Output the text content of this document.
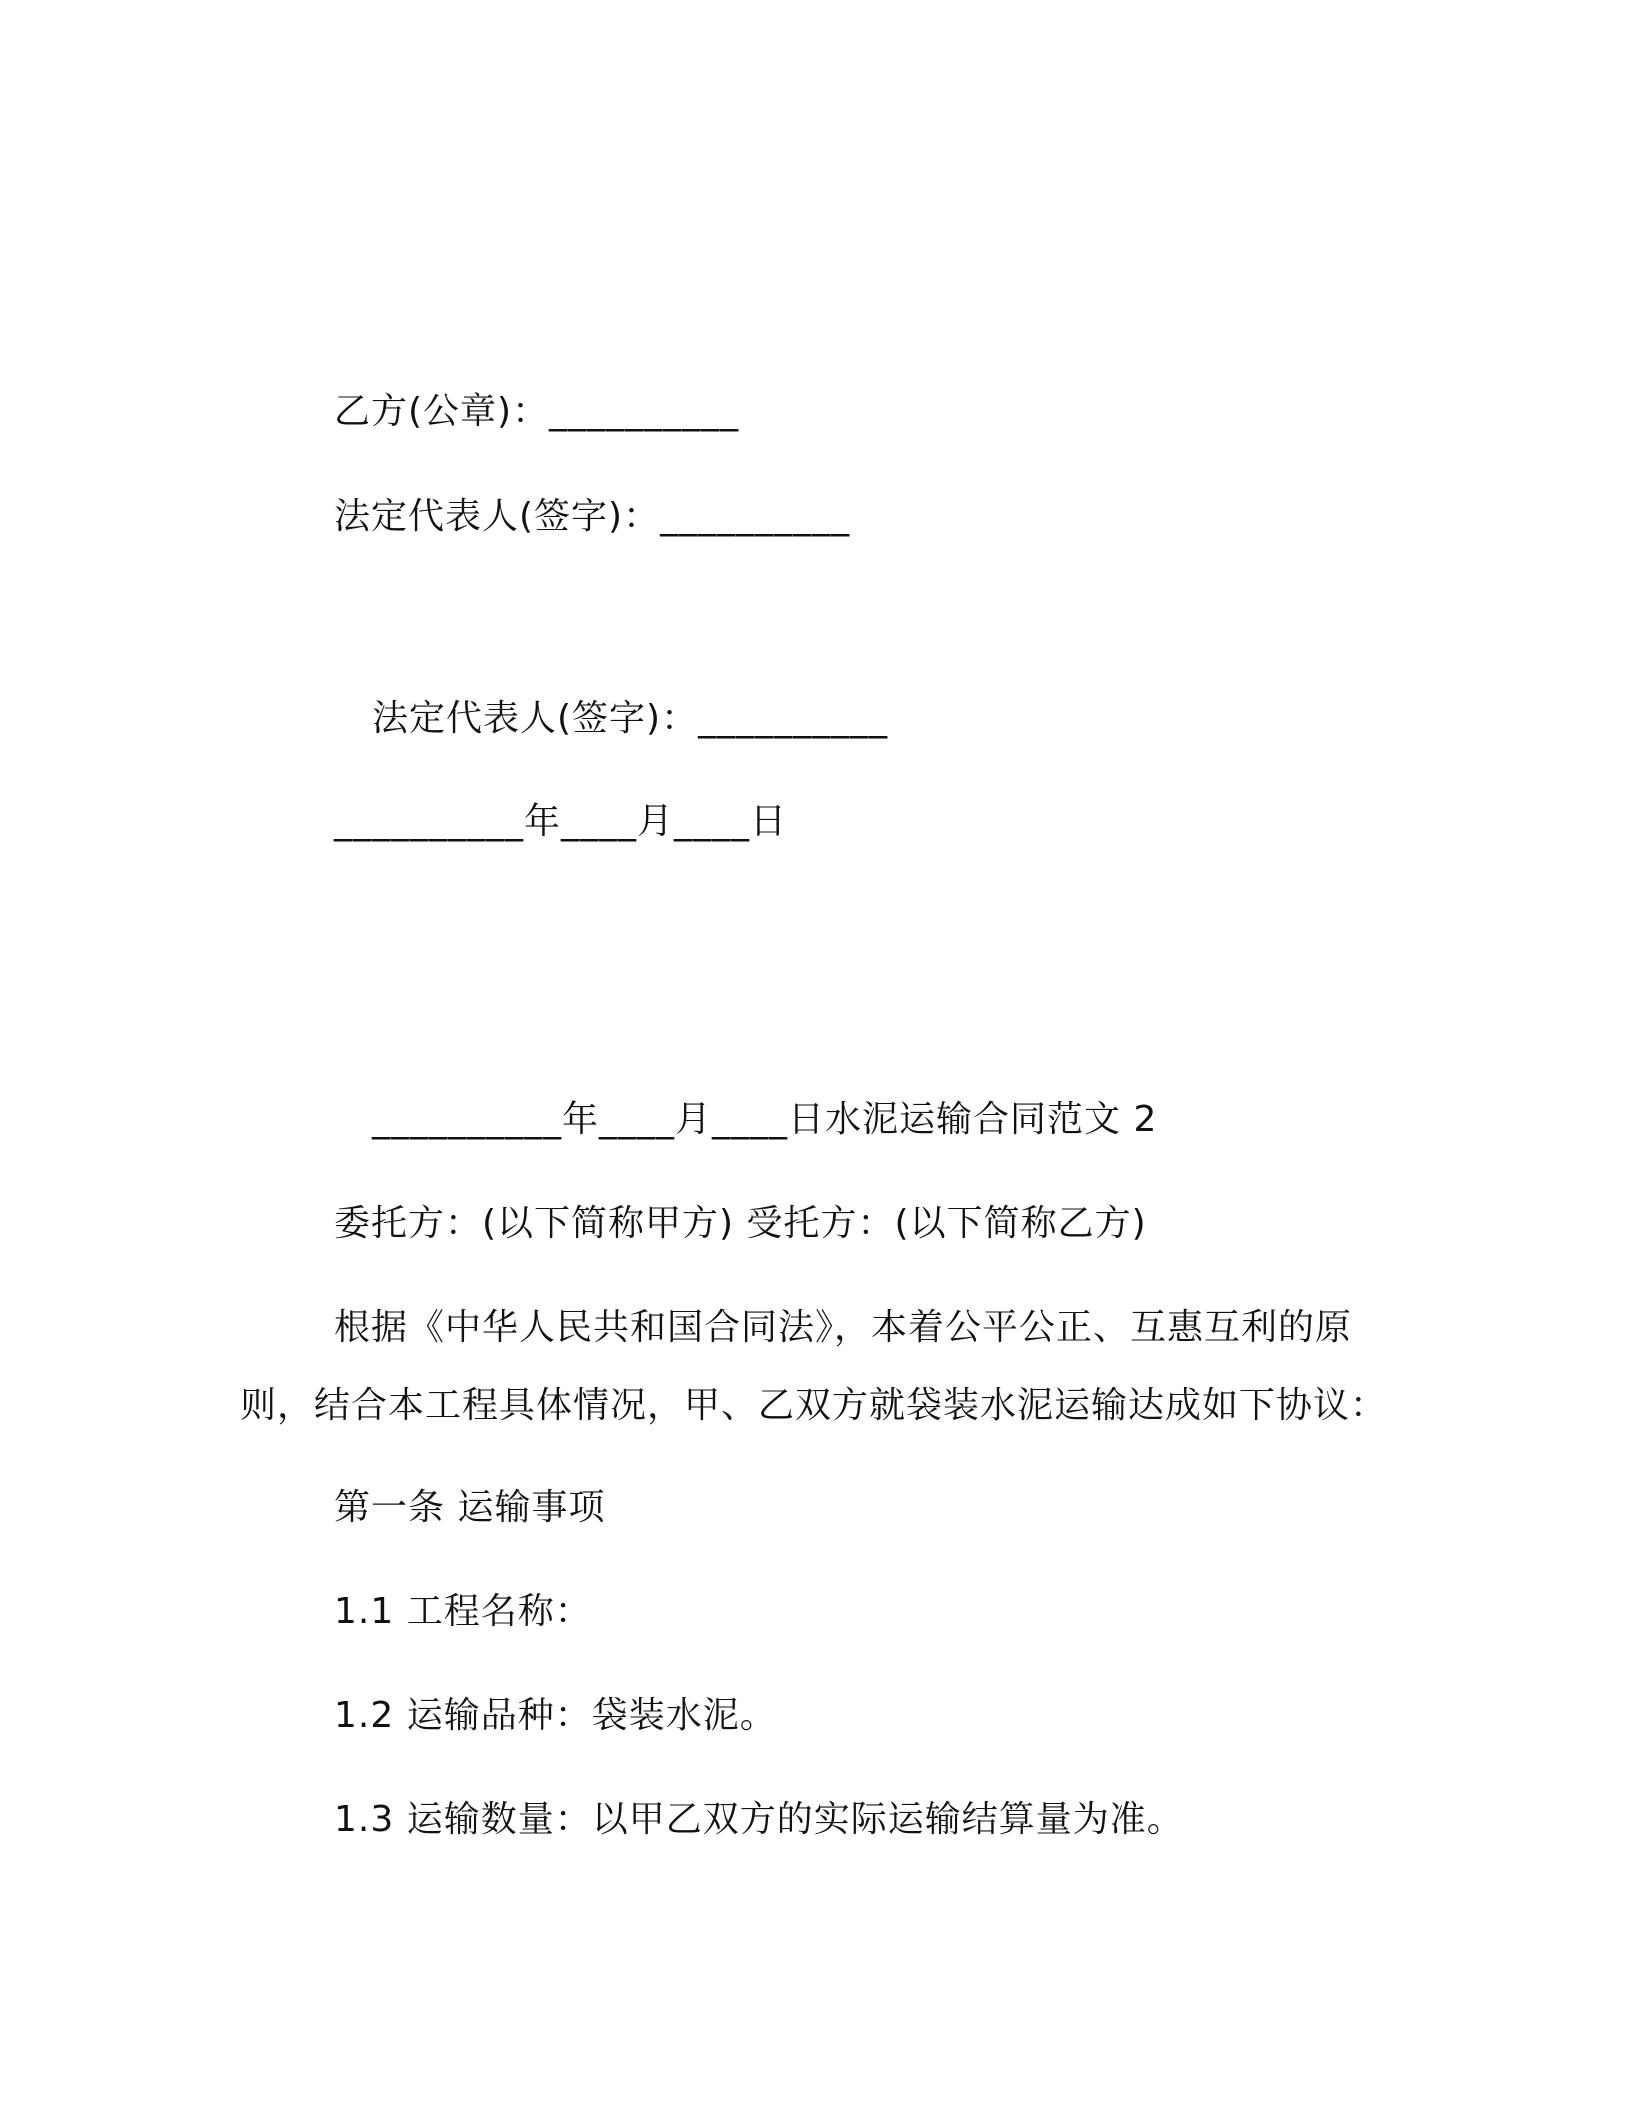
乙方(公章)：__________
法定代表人(签字)：__________
法定代表人(签字)：__________
__________年____月____日
__________年____月____日水泥运输合同范文 2
委托方：(以下简称甲方) 受托方：(以下简称乙方)
根据《中华人民共和国合同法》，本着公平公正、互惠互利的原
则，结合本工程具体情况，甲、乙双方就袋装水泥运输达成如下协议：
第一条 运输事项
1.1 工程名称：
1.2 运输品种：袋装水泥。
1.3 运输数量：以甲乙双方的实际运输结算量为准。
